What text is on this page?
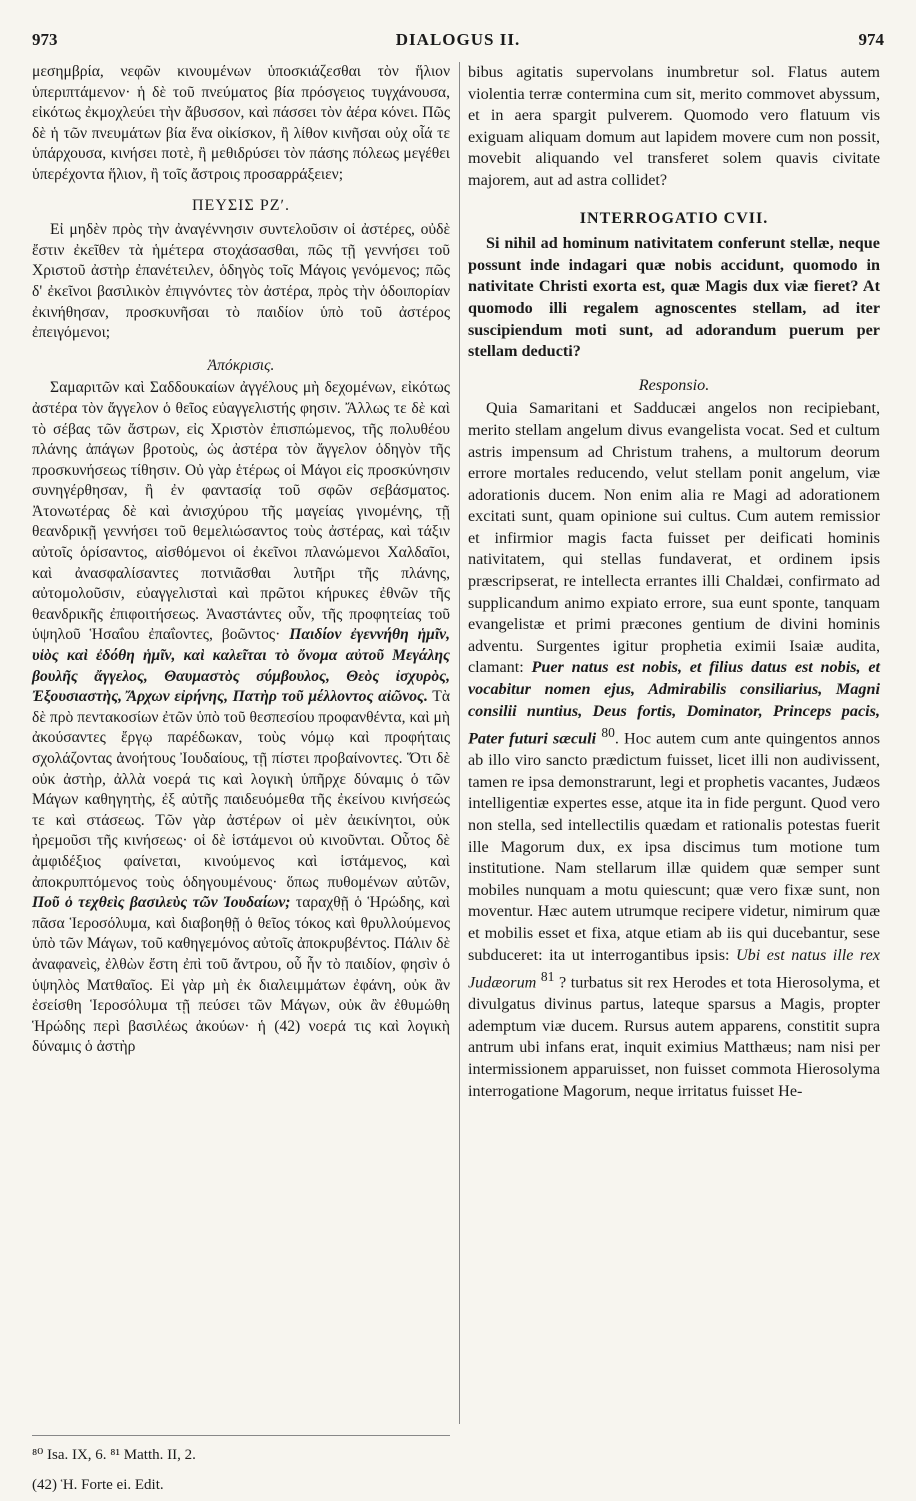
973	DIALOGUS II.	974

μεσημβρία, νεφῶν κινουμένων ὑποσκιάζεσθαι τὸν ἥλιον ὑπεριπτάμενον· ἡ δὲ τοῦ πνεύματος βία πρόσγειος τυγχάνουσα, εἰκότως ἐκμοχλεύει τὴν ἄβυσσον, καὶ πάσσει τὸν ἀέρα κόνει. Πῶς δὲ ἡ τῶν πνευμάτων βία ἕνα οἰκίσκον, ἢ λίθον κινῆσαι οὐχ οἷά τε ὑπάρχουσα, κινήσει ποτὲ, ἢ μεθιδρύσει τὸν πάσης πόλεως μεγέθει ὑπερέχοντα ἥλιον, ἢ τοῖς ἄστροις προσαρράξειεν;

ΠΕΥΣΙΣ ΡΖʹ.

Εἰ μηδὲν πρὸς τὴν ἀναγέννησιν συντελοῦσιν οἱ ἀστέρες, οὐδὲ ἔστιν ἐκεῖθεν τὰ ἡμέτερα στοχάσασθαι, πῶς τῇ γεννήσει τοῦ Χριστοῦ ἀστὴρ ἐπανέτειλεν, ὁδηγὸς τοῖς Μάγοις γενόμενος; πῶς δ' ἐκεῖνοι βασιλικὸν ἐπιγνόντες τὸν ἀστέρα, πρὸς τὴν ὁδοιπορίαν ἐκινήθησαν, προσκυνῆσαι τὸ παιδίον ὑπὸ τοῦ ἀστέρος ἐπειγόμενοι;

Ἀπόκρισις.

Σαμαριτῶν καὶ Σαδδουκαίων ἀγγέλους μὴ δεχομένων, εἰκότως ἀστέρα τὸν ἄγγελον ὁ θεῖος εὐαγγελιστής φησιν. Ἄλλως τε δὲ καὶ τὸ σέβας τῶν ἄστρων, εἰς Χριστὸν ἐπισπώμενος, τῆς πολυθέου πλάνης ἀπάγων βροτοὺς, ὡς ἀστέρα τὸν ἄγγελον ὁδηγὸν τῆς προσκυνήσεως τίθησιν. Οὐ γὰρ ἑτέρως οἱ Μάγοι εἰς προσκύνησιν συνηγέρθησαν, ἢ ἐν φαντασίᾳ τοῦ σφῶν σεβάσματος. Ἀτονωτέρας δὲ καὶ ἀνισχύρου τῆς μαγείας γινομένης, τῇ θεανδρικῇ γεννήσει τοῦ θεμελιώσαντος τοὺς ἀστέρας, καὶ τάξιν αὐτοῖς ὁρίσαντος, αἰσθόμενοι οἱ ἐκεῖνοι πλανώμενοι Χαλδαῖοι, καὶ ἀνασφαλίσαντες ποτνιᾶσθαι λυτῆρι τῆς πλάνης, αὐτομολοῦσιν, εὐαγγελισταὶ καὶ πρῶτοι κήρυκες ἐθνῶν τῆς θεανδρικῆς ἐπιφοιτήσεως. Ἀναστάντες οὖν, τῆς προφητείας τοῦ ὑψηλοῦ Ἡσαΐου ἐπαΐοντες, βοῶντος· Παιδίον ἐγεννήθη ἡμῖν, υἱὸς καὶ ἐδόθη ἡμῖν, καὶ καλεῖται τὸ ὄνομα αὐτοῦ Μεγάλης βουλῆς ἄγγελος, Θαυμαστὸς σύμβουλος, Θεὸς ἰσχυρὸς, Ἐξουσιαστὴς, Ἄρχων εἰρήνης, Πατὴρ τοῦ μέλλοντος αἰῶνος. Τὰ δὲ πρὸ πεντακοσίων ἐτῶν ὑπὸ τοῦ θεσπεσίου προφανθέντα, καὶ μὴ ἀκούσαντες ἔργῳ παρέδωκαν, τοὺς νόμῳ καὶ προφήταις σχολάζοντας ἀνοήτους Ἰουδαίους, τῇ πίστει προβαίνοντες. Ὅτι δὲ οὐκ ἀστὴρ, ἀλλὰ νοερά τις καὶ λογικὴ ὑπῆρχε δύναμις ὁ τῶν Μάγων καθηγητὴς, ἐξ αὐτῆς παιδευόμεθα τῆς ἐκείνου κινήσεώς τε καὶ στάσεως. Τῶν γὰρ ἀστέρων οἱ μὲν ἀεικίνητοι, οὐκ ἠρεμοῦσι τῆς κινήσεως· οἱ δὲ ἱστάμενοι οὐ κινοῦνται. Οὗτος δὲ ἀμφιδέξιος φαίνεται, κινούμενος καὶ ἱστάμενος, καὶ ἀποκρυπτόμενος τοὺς ὁδηγουμένους· ὅπως πυθομένων αὐτῶν, Ποῦ ὁ τεχθεὶς βασιλεὺς τῶν Ἰουδαίων; ταραχθῇ ὁ Ἡρώδης, καὶ πᾶσα Ἱεροσόλυμα, καὶ διαβοηθῇ ὁ θεῖος τόκος καὶ θρυλλούμενος ὑπὸ τῶν Μάγων, τοῦ καθηγεμόνος αὐτοῖς ἀποκρυβέντος. Πάλιν δὲ ἀναφανεὶς, ἐλθὼν ἔστη ἐπὶ τοῦ ἄντρου, οὗ ἦν τὸ παιδίον, φησὶν ὁ ὑψηλὸς Ματθαῖος. Εἰ γὰρ μὴ ἐκ διαλειμμάτων ἐφάνη, οὐκ ἂν ἐσείσθη Ἱεροσόλυμα τῇ πεύσει τῶν Μάγων, οὐκ ἂν ἐθυμώθη Ἡρώδης περὶ βασιλέως ἀκούων· ἡ (42) νοερά τις καὶ λογικὴ δύναμις ὁ ἀστὴρ

bibus agitatis supervolans inumbretur sol. Flatus autem violentia terræ contermina cum sit, merito commovet abyssum, et in aera spargit pulverem. Quomodo vero flatuum vis exiguam aliquam domum aut lapidem movere cum non possit, movebit aliquando vel transferet solem quavis civitate majorem, aut ad astra collidet?

INTERROGATIO CVII.

Si nihil ad hominum nativitatem conferunt stellæ, neque possunt inde indagari quæ nobis accidunt, quomodo in nativitate Christi exorta est, quæ Magis dux viæ fieret? At quomodo illi regalem agnoscentes stellam, ad iter suscipiendum moti sunt, ad adorandum puerum per stellam deducti?

Responsio.

Quia Samaritani et Sadducæi angelos non recipiebant, merito stellam angelum divus evangelista vocat. Sed et cultum astris impensum ad Christum trahens, a multorum deorum errore mortales reducendo, velut stellam ponit angelum, viæ adorationis ducem. Non enim alia re Magi ad adorationem excitati sunt, quam opinione sui cultus. Cum autem remissior et infirmior magis facta fuisset per deificati hominis nativitatem, qui stellas fundaverat, et ordinem ipsis præscripserat, re intellecta errantes illi Chaldæi, confirmato ad supplicandum animo expiato errore, sua eunt sponte, tanquam evangelistæ et primi præcones gentium de divini hominis adventu. Surgentes igitur prophetia eximii Isaiæ audita, clamant: Puer natus est nobis, et filius datus est nobis, et vocabitur nomen ejus, Admirabilis consiliarius, Magni consilii nuntius, Deus fortis, Dominator, Princeps pacis, Pater futuri sæculi $^{80}$. Hoc autem cum ante quingentos annos ab illo viro sancto prædictum fuisset, licet illi non audivissent, tamen re ipsa demonstrarunt, legi et prophetis vacantes, Judæos intelligentiæ expertes esse, atque ita in fide pergunt. Quod vero non stella, sed intellectilis quædam et rationalis potestas fuerit ille Magorum dux, ex ipsa discimus tum motione tum institutione. Nam stellarum illæ quidem quæ semper sunt mobiles nunquam a motu quiescunt; quæ vero fixæ sunt, non moventur. Hæc autem utrumque recipere videtur, nimirum quæ et mobilis esset et fixa, atque etiam ab iis qui ducebantur, sese subduceret: ita ut interrogantibus ipsis: Ubi est natus ille rex Judæorum $^{81}$ ? turbatus sit rex Herodes et tota Hierosolyma, et divulgatus divinus partus, lateque sparsus a Magis, propter ademptum viæ ducem. Rursus autem apparens, constitit supra antrum ubi infans erat, inquit eximius Matthæus; nam nisi per intermissionem apparuisset, non fuisset commota Hierosolyma interrogatione Magorum, neque irritatus fuisset He-

⁸⁰ Isa. IX, 6. ⁸¹ Matth. II, 2.
(42) Ἡ. Forte ei. Edit.
